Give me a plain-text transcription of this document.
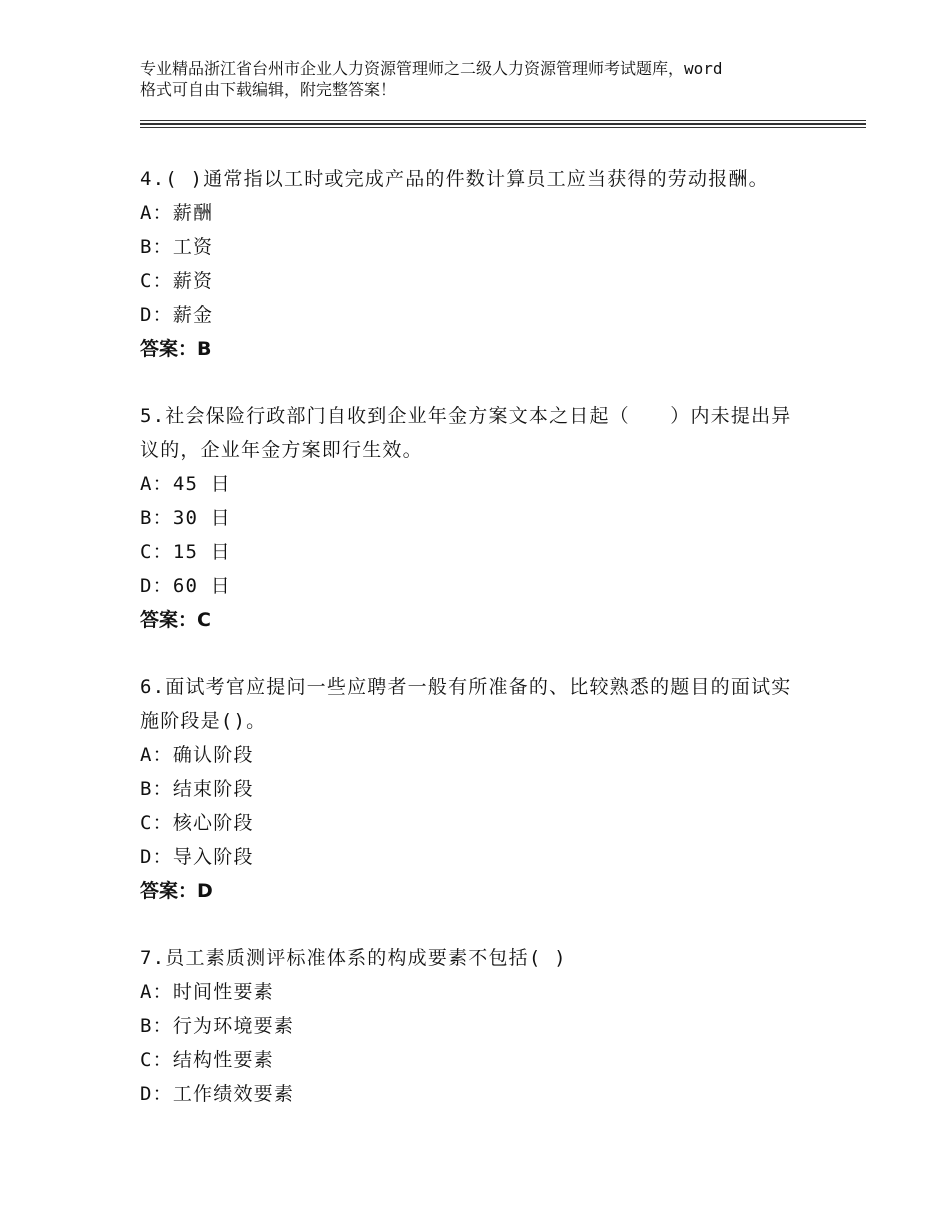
专业精品浙江省台州市企业人力资源管理师之二级人力资源管理师考试题库，word
格式可自由下载编辑，附完整答案！
4.( )通常指以工时或完成产品的件数计算员工应当获得的劳动报酬。
A：薪酬
B：工资
C：薪资
D：薪金
答案：B
5.社会保险行政部门自收到企业年金方案文本之日起（　　）内未提出异议的，企业年金方案即行生效。
A：45 日
B：30 日
C：15 日
D：60 日
答案：C
6.面试考官应提问一些应聘者一般有所准备的、比较熟悉的题目的面试实施阶段是()。
A：确认阶段
B：结束阶段
C：核心阶段
D：导入阶段
答案：D
7.员工素质测评标准体系的构成要素不包括( )
A：时间性要素
B：行为环境要素
C：结构性要素
D：工作绩效要素
